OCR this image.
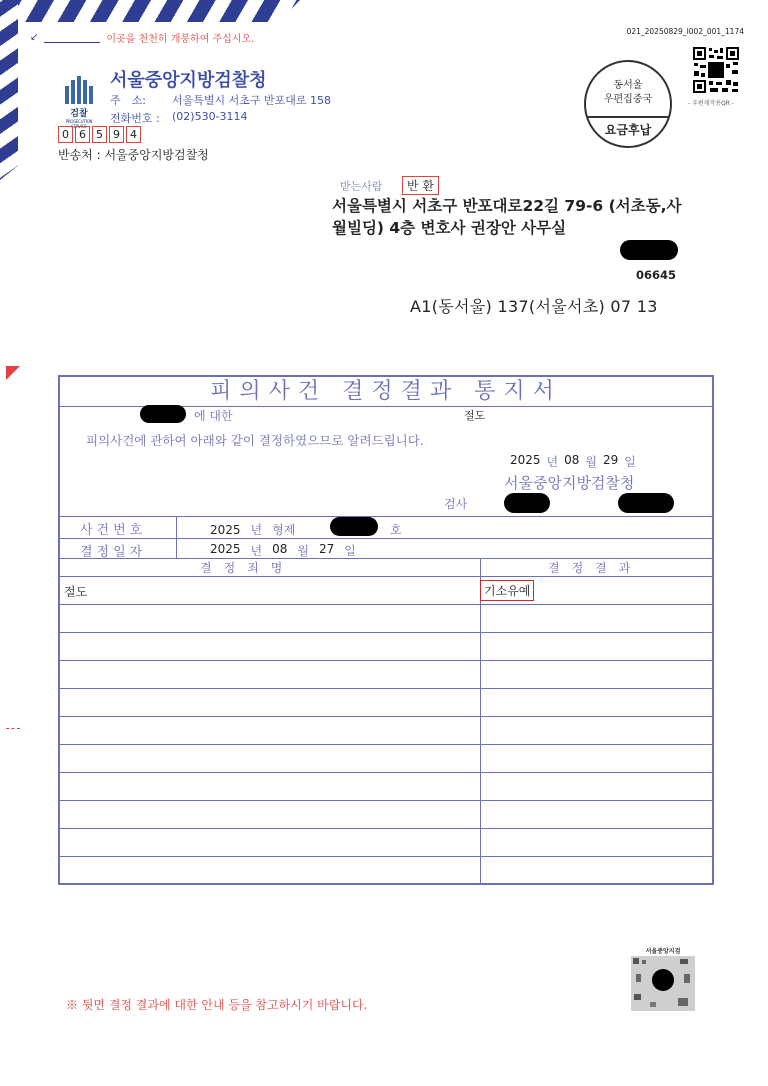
↙	이곳을 천천히 개봉하여 주십시오.
021_20250829_I002_001_1174
검찰
PROSECUTION SERVICE
서울중앙지방검찰청
주　소:	서울특별시 서초구 반포대로 158
전화번호 : (02)530-3114
0 6 5 9 4
반송처 : 서울중앙지방검찰청
동서울
우편집중국
요금후납
- 우편제작용QR -
받는사람	반 환
서울특별시 서초구 반포대로22길 79-6 (서초동,사월빌딩) 4층 변호사 권장안 사무실
06645
A1(동서울) 137(서울서초) 07 13
피의사건 결정결과 통지서
에 대한	절도
피의사건에 관하여 아래와 같이 결정하였으므로 알려드립니다.
2025 년 08 월 29 일
서울중앙지방검찰청
검사
사건번호	2025 년 형제	호
결정일자	2025 년 08 월 27 일
결　정　죄　명	결　정　결　과
절도	기소유예
※ 뒷면 결정 결과에 대한 안내 등을 참고하시기 바랍니다.
서울중앙지검
